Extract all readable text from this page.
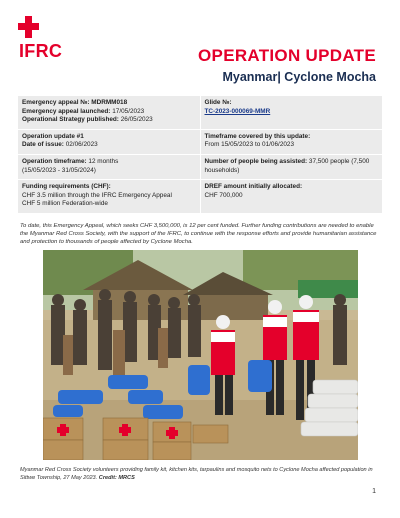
IFRC	OPERATION UPDATE
Myanmar| Cyclone Mocha
Emergency appeal №: MDRMM018
Emergency appeal launched: 17/05/2023
Operational Strategy published: 26/05/2023
Glide №:
TC-2023-000069-MMR
Operation update #1
Date of issue: 02/06/2023
Timeframe covered by this update:
From 15/05/2023 to 01/06/2023
Operation timeframe: 12 months
(15/05/2023 - 31/05/2024)
Number of people being assisted: 37,500 people (7,500 households)
Funding requirements (CHF):
CHF 3.5 million through the IFRC Emergency Appeal
CHF 5 million Federation-wide
DREF amount initially allocated:
CHF 700,000
To date, this Emergency Appeal, which seeks CHF 3,500,000, is 12 per cent funded. Further funding contributions are needed to enable the Myanmar Red Cross Society, with the support of the IFRC, to continue with the response efforts and provide humanitarian assistance and protection to thousands of people affected by Cyclone Mocha.
Myanmar Red Cross Society volunteers providing family kit, kitchen kits, tarpaulins and mosquito nets to Cyclone Mocha affected population in Sittwe Township, 27 May 2023. Credit: MRCS
1
